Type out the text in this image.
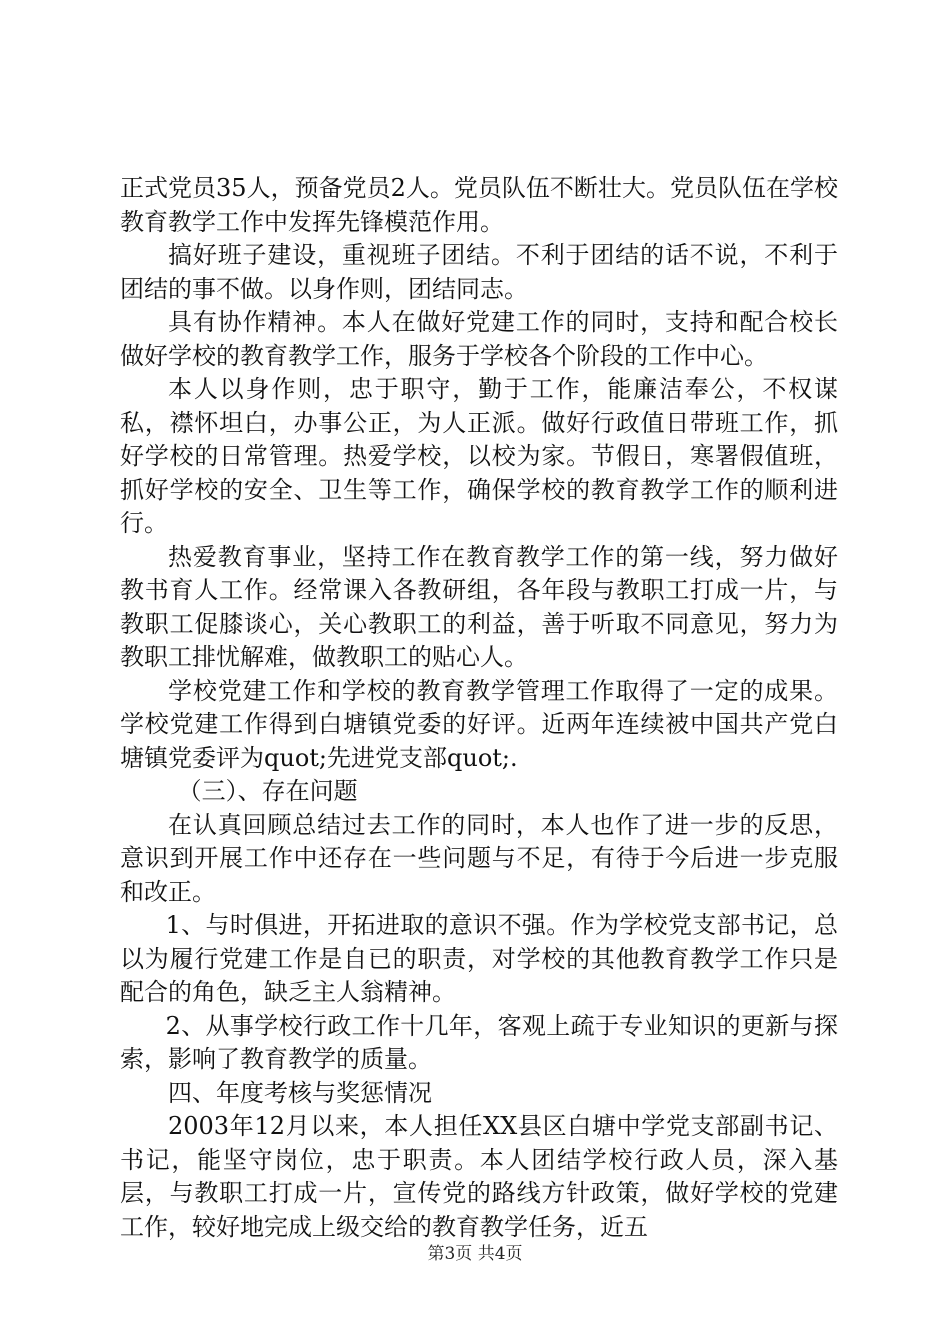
正式党员35人，预备党员2人。党员队伍不断壮大。党员队伍在学校教育教学工作中发挥先锋模范作用。

搞好班子建设，重视班子团结。不利于团结的话不说，不利于团结的事不做。以身作则，团结同志。

具有协作精神。本人在做好党建工作的同时，支持和配合校长做好学校的教育教学工作，服务于学校各个阶段的工作中心。

本人以身作则，忠于职守，勤于工作，能廉洁奉公，不权谋私，襟怀坦白，办事公正，为人正派。做好行政值日带班工作，抓好学校的日常管理。热爱学校，以校为家。节假日，寒署假值班，抓好学校的安全、卫生等工作，确保学校的教育教学工作的顺利进行。

热爱教育事业，坚持工作在教育教学工作的第一线，努力做好教书育人工作。经常课入各教研组，各年段与教职工打成一片，与教职工促膝谈心，关心教职工的利益，善于听取不同意见，努力为教职工排忧解难，做教职工的贴心人。

学校党建工作和学校的教育教学管理工作取得了一定的成果。学校党建工作得到白塘镇党委的好评。近两年连续被中国共产党白塘镇党委评为quot;先进党支部quot;.

（三）、存在问题

在认真回顾总结过去工作的同时，本人也作了进一步的反思，意识到开展工作中还存在一些问题与不足，有待于今后进一步克服和改正。

1、与时俱进，开拓进取的意识不强。作为学校党支部书记，总以为履行党建工作是自已的职责，对学校的其他教育教学工作只是配合的角色，缺乏主人翁精神。

2、从事学校行政工作十几年，客观上疏于专业知识的更新与探索，影响了教育教学的质量。

四、年度考核与奖惩情况

2003年12月以来，本人担任XX县区白塘中学党支部副书记、书记，能坚守岗位，忠于职责。本人团结学校行政人员，深入基层，与教职工打成一片，宣传党的路线方针政策，做好学校的党建工作，较好地完成上级交给的教育教学任务，近五

第3页 共4页
